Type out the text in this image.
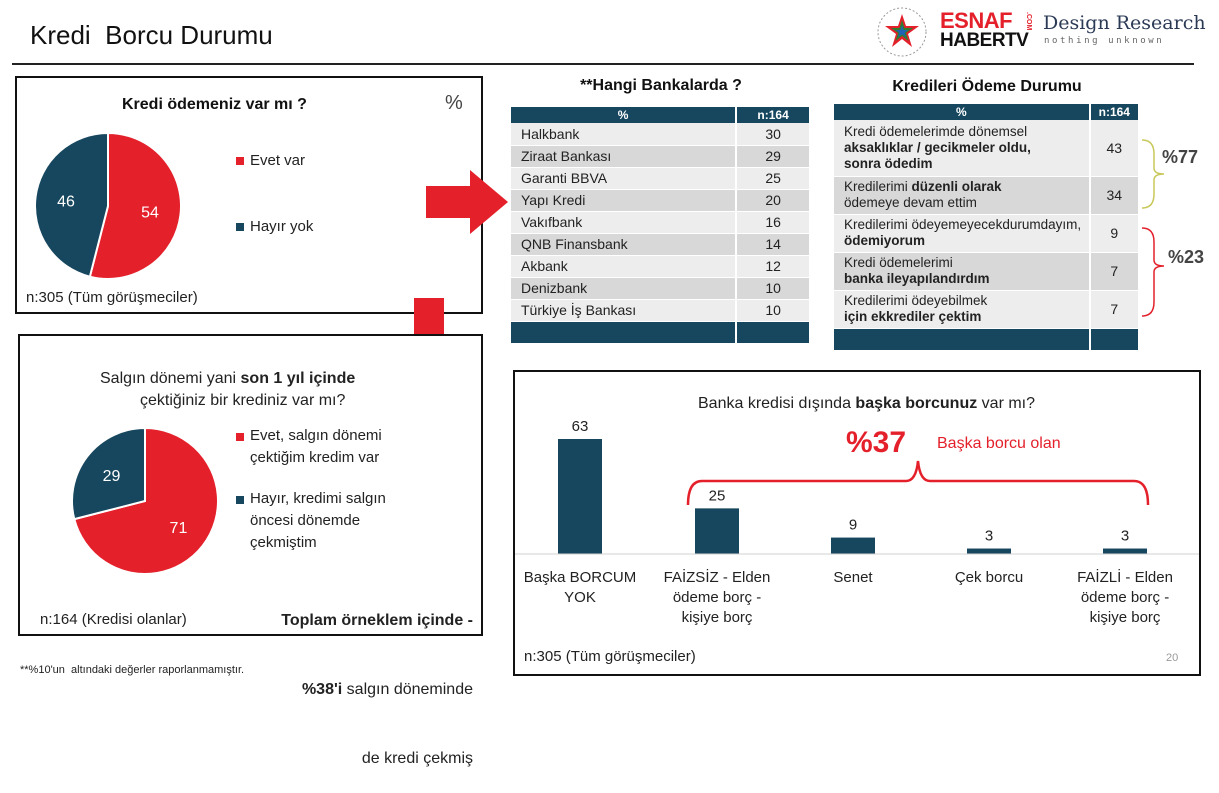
Kredi  Borcu Durumu	ESNAF .COM
HABERTV
Design Research
nothing unknown
Kredi ödemeniz var mı ?	%
54
46
Evet var
Hayır yok
n:305 (Tüm görüşmeciler)
Salgın dönemi yani son 1 yıl içinde
çektiğiniz bir krediniz var mı?
71
29
Evet, salgın dönemi
çektiğim kredim var
Hayır, kredimi salgın
öncesi dönemde
çekmiştim

Toplam örneklem içinde -

%38'i salgın döneminde

de kredi çekmiş

n:164 (Kredisi olanlar)
**Hangi Bankalarda ?
%	n:164
Halkbank	30
Ziraat Bankası	29
Garanti BBVA	25
Yapı Kredi	20
Vakıfbank	16
QNB Finansbank	14
Akbank	12
Denizbank	10
Türkiye İş Bankası	10

Kredileri Ödeme Durumu
%	n:164
Kredi ödemelerimde dönemsel
aksaklıklar / gecikmeler oldu,
sonra ödedim	43
Kredilerimi düzenli olarak
ödemeye devam ettim	34
Kredilerimi ödeyemeyecekdurumdayım,
ödemiyorum	9
Kredi ödemelerimi
banka ileyapılandırdım	7
Kredilerimi ödeyebilmek
için ekkrediler çektim	7

%77
%23
Banka kredisi dışında başka borcunuz var mı?
%37 Başka borcu olan
63
25
9
3	3
Başka BORCUM
YOK
FAİZSİZ - Elden
ödeme borç -
kişiye borç
Senet	Çek borcu	FAİZLİ - Elden
ödeme borç -
kişiye borç
n:305 (Tüm görüşmeciler)	20
**%10'un  altındaki değerler raporlanmamıştır.
